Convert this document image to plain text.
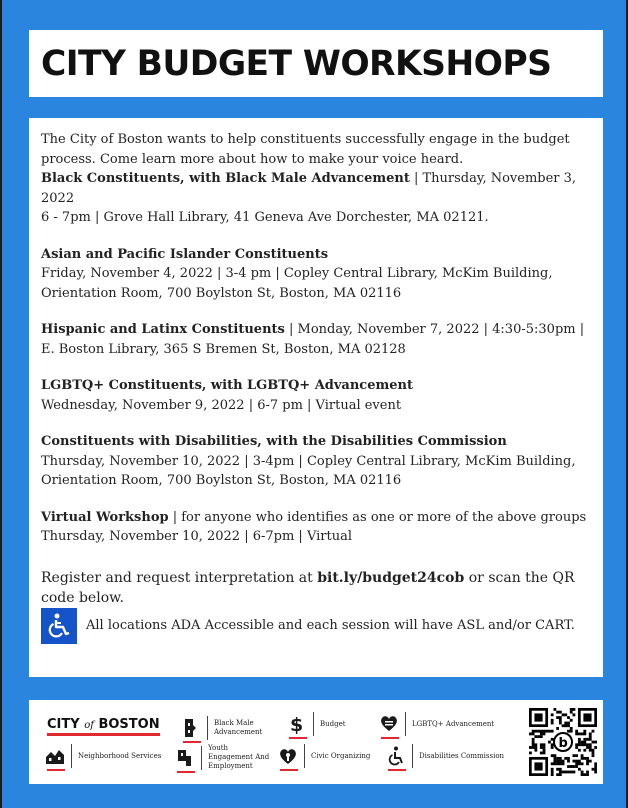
CITY BUDGET WORKSHOPS

The City of Boston wants to help constituents successfully engage in the budget process. Come learn more about how to make your voice heard.

Black Constituents, with Black Male Advancement | Thursday, November 3, 2022

6 - 7pm | Grove Hall Library, 41 Geneva Ave Dorchester, MA 02121.

Asian and Pacific Islander Constituents

Friday, November 4, 2022 | 3-4 pm | Copley Central Library, McKim Building,

Orientation Room, 700 Boylston St, Boston, MA 02116

Hispanic and Latinx Constituents | Monday, November 7, 2022 | 4:30-5:30pm |

E. Boston Library, 365 S Bremen St, Boston, MA 02128

LGBTQ+ Constituents, with LGBTQ+ Advancement

Wednesday, November 9, 2022 | 6-7 pm | Virtual event

Constituents with Disabilities, with the Disabilities Commission

Thursday, November 10, 2022 | 3-4pm | Copley Central Library, McKim Building,

Orientation Room, 700 Boylston St, Boston, MA 02116

Virtual Workshop | for anyone who identifies as one or more of the above groups

Thursday, November 10, 2022 | 6-7pm | Virtual

Register and request interpretation at bit.ly/budget24cob or scan the QR code below.

All locations ADA Accessible and each session will have ASL and/or CART.
CITY of BOSTON	Black Male Advancement	$ Budget	LGBTQ+ Advancement
Neighborhood Services
Youth Engagement And Employment
Civic Organizing	Disabilities Commission
b
